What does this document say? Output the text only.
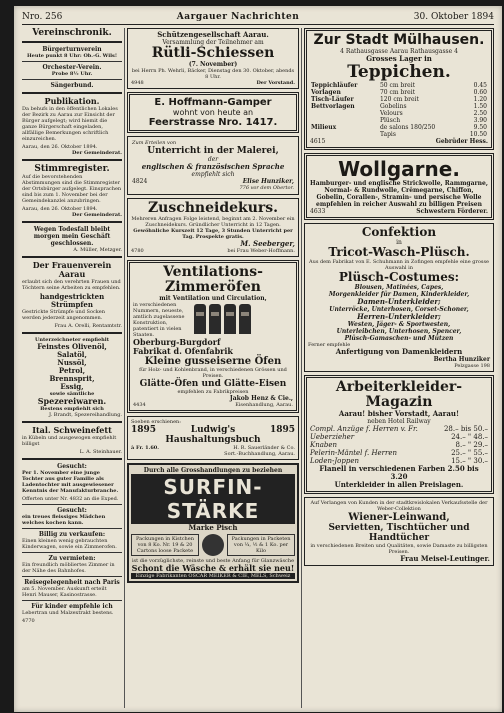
Nro. 256	Aargauer Nachrichten	30. Oktober 1894
Vereinschronik.
Bürgerturnverein
Heute punkt 8 Uhr: Ob.-G. Wils!
Orchester-Verein.
Probe 8½ Uhr.
Sängerbund.
Publikation.
Da behufs in den öffentlichen Lokales der Bezirk zu Aarau zur Einsicht der Bürger aufgelegt; wird hiemit die ganze Bürgerschaft eingeladen, allfällige Bemerkungen schriftlich einzureichen.
Aarau, den 26. Oktober 1894.
Der Gemeinderat.
Stimmregister.
Auf die bevorstehenden Abstimmungen sind die Stimmregister der Ortsbürger aufgelegt. Einsprachen sind bis zum 1. November bei der Gemeindekanzlei anzubringen.
Aarau, den 26. Oktober 1894.
Der Gemeinderat.
Wegen Todesfall bleibt morgen mein Geschäft geschlossen.
A. Müller, Metzger.
Der Frauenverein Aarau
erlaubt sich den verehrten Frauen und Töchtern seine Arbeiten zu empfehlen.
handgestrickten Strümpfen
Gestrickte Strümpfe und Socken werden jederzeit angenommen.
Frau A. Orelli, Rentamtstr.
Unterzeichneter empfiehlt
Feinstes Olivenöl,
Salatöl,
Nussöl,
Petrol,
Brennsprit,
Essig,
sowie sämtliche
Spezereiwaren.
Bestens empfiehlt sich
J. Brandt, Spezereihandlung.
Ital. Schweinefett
in Kübeln und ausgewogen empfiehlt billigst
L. A. Steinhauer.
Gesucht:
Per 1. November eine junge Tochter aus guter Familie als Ladentochter mit ausgewiesener Kenntnis der Manufakturbranche.
Offerten unter Nr. 4832 an die Exped.
Gesucht:
ein treues fleissiges Mädchen welches kochen kann.
Billig zu verkaufen:
Einen kleinen wenig gebrauchten Kinderwagen, sowie ein Zimmerofen.
Zu vermieten:
Ein freundlich möbliertes Zimmer in der Nähe des Bahnhofes.
Reisegelegenheit nach Paris
am 5. November. Auskunft erteilt Henri Mauser, Kasinostrasse.
Für kinder empfehle ich
Lebertran und Malzextrakt bestens.
4770
Schützengesellschaft Aarau.
Versammlung der Teilnehmer am
Rütli-Schiessen
(7. November)
bei Herrn Ph. Wehrli, Bäcker, Dienstag den 30. Oktober, abends 8 Uhr.
4948	Der Vorstand.
E. Hoffmann-Gamper
wohnt von heute an
Feerstrasse Nro. 1417.
Zum Erteilen von
Unterricht in der Malerei,
der
englischen & französischen Sprache
empfiehlt sich
4824	Elise Hunziker,
776 vor dem Obertor.
Zuschneidekurs.
Mehreren Anfragen Folge leistend, beginnt am 2. November ein Zuschneidekurs. Gründlicher Unterricht in 12 Tagen.
Gewöhnliche Kurszeit 12 Tage, 3 Stunden Unterricht per Tag. Prospekte gratis.
M. Seeberger,
4780	bei Frau Weber-Hoffmann.
Ventilations-Zimmeröfen
mit Ventilation und Circulation,
in verschiedenen Nummern, neueste, amtlich zugelassene Konstruktion, patentiert in vielen Staaten.
Oberburg-Burgdorf
Fabrikat d. Ofenfabrik
Kleine gusseiserne Öfen
für Holz- und Kohlenbrand, in verschiedenen Grössen und Preisen.
Glätte-Öfen und Glätte-Eisen
empfehlen zu Fabrikpreisen
Jakob Henz & Cie.,
4434	Eisenhandlung, Aarau.
Soeben erschienen:
1895	Ludwig's Haushaltungsbuch
1895
à Fr. 1.60.	H. R. Sauerländer & Co.
Sort.-Buchhandlung, Aarau.
Durch alle Grosshandlungen zu beziehen
SURFIN-STÄRKE
Marke Pisch
Packungen in Kistchen von 8 Ko. Nr. 19 & 20 Cartons loose Packete
Packungen in Packeten von ¼, ½ & 1 Ko. per Kilo
ist die vorzüglichste, reinste und beste Anfang für Glanzwäsche
Schont die Wäsche & erhält sie neu!
Einzige Fabrikanten OSCAR MEIKER & CIE, MELS, Schweiz
Zur Stadt Mülhausen.
4 Rathausgasse Aarau Rathausgasse 4
Grosses Lager in
Teppichen.
Teppichläufer	50 cm breit	0.45
Vorlagen	70 cm breit	0.60
Tisch-Läufer	120 cm breit	1.20
Bettvorlagen	Gobelins	1.50
	Velours	2.50
	Plüsch	3.90
Milieux	de salons 180/250	9.50
	Tapis	10.50
4615	Gebrüder Hess.
Wollgarne.
Hamburger- und englische Strickwolle, Rammgarne, Normal- & Rundwolle, Crêmegarne, Chiffon, Gobelin, Corallen-, Stramin- und persische Wolle empfehlen in reicher Auswahl zu billigen Preisen
4633	Schwestern Förderer.
Confektion
in
Tricot-Wasch-Plüsch.
Aus dem Fabrikat von E. Schuhmann in Zofingen empfehle eine grosse Auswahl in
Plüsch-Costumes:
Blousen, Matinées, Capes,
Morgenkleider für Damen, Kinderkleider,
Damen-Unterkleider;
Unterröcke, Unterhosen, Corset-Schoner,
Herren-Unterkleider;
Westen, Jäger- & Sportwesten,
Unterleibchen, Unterhosen, Spencer,
Plüsch-Gamaschen- und Mützen
Ferner empfehle
Anfertigung von Damenkleidern
Bertha Hunziker
Pelzgasse 198
Arbeiterkleider-Magazin
Aarau! bisher Vorstadt, Aarau!
neben Hotel Railway
Compl. Anzüge f. Herren v. Fr.	28.– bis 50.–
Ueberzieher	24.– " 48.–
Knaben	8.– " 29.–
Pelerin-Mäntel f. Herren	25.– " 55.–
Loden-Joppen	15.– " 30.–
Flanell in verschiedenen Farben 2.50 bis 3.20
Unterkleider in allen Preislagen.
Auf Verlangen von Kunden in der stadtkreislokalen Verkaufsstelle der Weber-Collektion
Wiener-Leinwand,
Servietten, Tischtücher und Handtücher
in verschiedenen Breiten und Qualitäten, sowie Damaste zu billigsten Preisen.
Frau Meisel-Leutinger.
